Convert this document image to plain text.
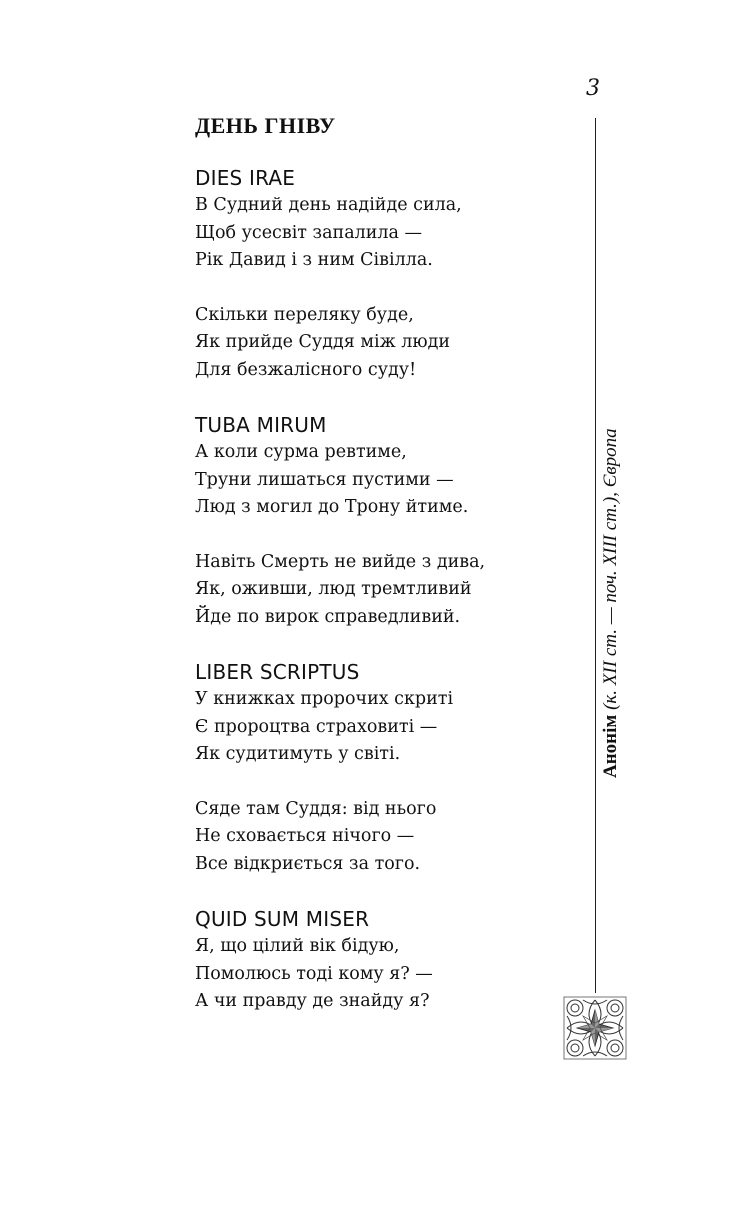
3
ДЕНЬ ГНІВУ
DIES IRAE
В Судний день надійде сила,
Щоб усесвіт запалила —
Рік Давид і з ним Сівілла.
Скільки переляку буде,
Як прийде Суддя між люди
Для безжалісного суду!
TUBA MIRUM
А коли сурма ревтиме,
Труни лишаться пустими —
Люд з могил до Трону йтиме.
Навіть Смерть не вийде з дива,
Як, оживши, люд тремтливий
Йде по вирок справедливий.
LIBER SCRIPTUS
У книжках пророчих скриті
Є пророцтва страховиті —
Як судитимуть у світі.
Сяде там Суддя: від нього
Не сховається нічого —
Все відкриється за того.
QUID SUM MISER
Я, що цілий вік бідую,
Помолюсь тоді кому я? —
А чи правду де знайду я?
Анонім (к. XII ст. — поч. XIII ст.), Європа
